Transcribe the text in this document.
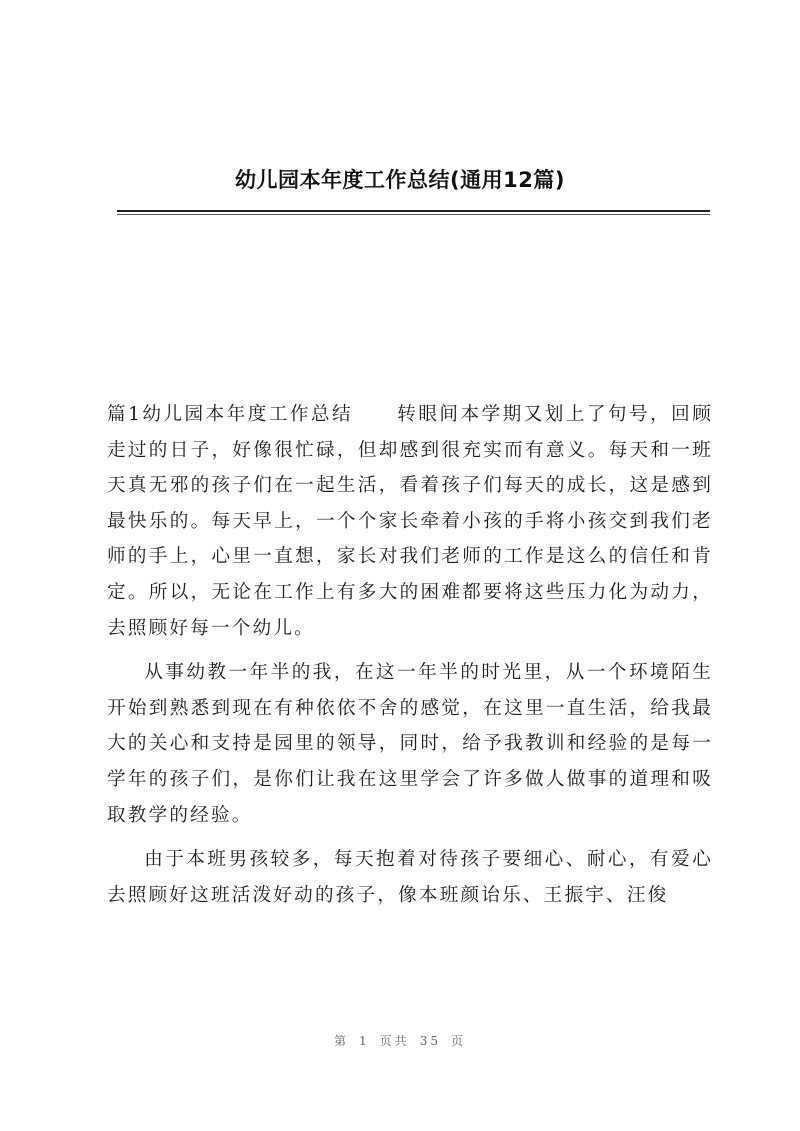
幼儿园本年度工作总结(通用12篇)

篇1幼儿园本年度工作总结 转眼间本学期又划上了句号，回顾走过的日子，好像很忙碌，但却感到很充实而有意义。每天和一班天真无邪的孩子们在一起生活，看着孩子们每天的成长，这是感到最快乐的。每天早上，一个个家长牵着小孩的手将小孩交到我们老师的手上，心里一直想，家长对我们老师的工作是这么的信任和肯定。所以，无论在工作上有多大的困难都要将这些压力化为动力，去照顾好每一个幼儿。

从事幼教一年半的我，在这一年半的时光里，从一个环境陌生开始到熟悉到现在有种依依不舍的感觉，在这里一直生活，给我最大的关心和支持是园里的领导，同时，给予我教训和经验的是每一学年的孩子们，是你们让我在这里学会了许多做人做事的道理和吸取教学的经验。

由于本班男孩较多，每天抱着对待孩子要细心、耐心，有爱心去照顾好这班活泼好动的孩子，像本班颜诒乐、王振宇、汪俊

第 1 页共 35 页
